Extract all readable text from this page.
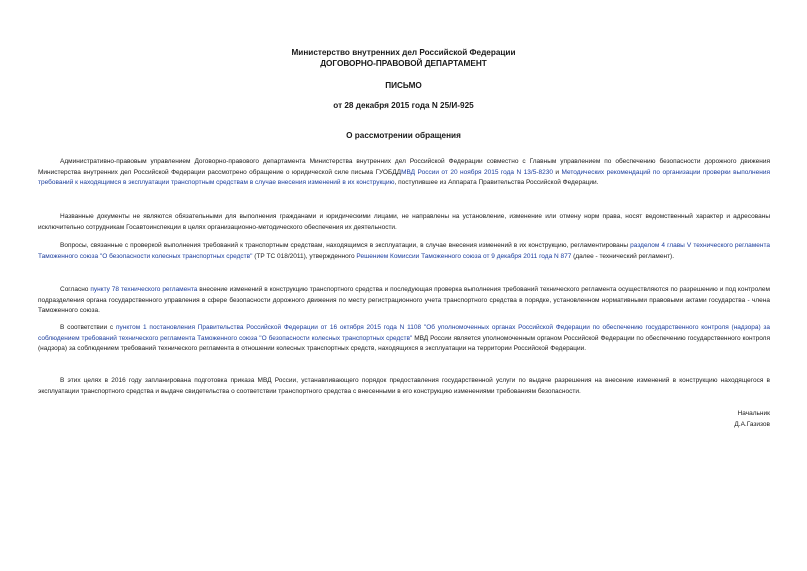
Министерство внутренних дел Российской Федерации
ДОГОВОРНО-ПРАВОВОЙ ДЕПАРТАМЕНТ
ПИСЬМО
от 28 декабря 2015 года N 25/И-925
О рассмотрении обращения

Административно-правовым управлением Договорно-правового департамента Министерства внутренних дел Российской Федерации совместно с Главным управлением по обеспечению безопасности дорожного движения Министерства внутренних дел Российской Федерации рассмотрено обращение о юридической силе письма ГУОБДДМВД России от 20 ноября 2015 года N 13/5-8230 и Методических рекомендаций по организации проверки выполнения требований к находящимся в эксплуатации транспортным средствам в случае внесения изменений в их конструкцию, поступившее из Аппарата Правительства Российской Федерации.

Названные документы не являются обязательными для выполнения гражданами и юридическими лицами, не направлены на установление, изменение или отмену норм права, носят ведомственный характер и адресованы исключительно сотрудникам Госавтоинспекции в целях организационно-методического обеспечения их деятельности.

Вопросы, связанные с проверкой выполнения требований к транспортным средствам, находящимся в эксплуатации, в случае внесения изменений в их конструкцию, регламентированы разделом 4 главы V технического регламента Таможенного союза "О безопасности колесных транспортных средств" (ТР ТС 018/2011), утвержденного Решением Комиссии Таможенного союза от 9 декабря 2011 года N 877 (далее - технический регламент).

Согласно пункту 78 технического регламента внесение изменений в конструкцию транспортного средства и последующая проверка выполнения требований технического регламента осуществляются по разрешению и под контролем подразделения органа государственного управления в сфере безопасности дорожного движения по месту регистрационного учета транспортного средства в порядке, установленном нормативными правовыми актами государства - члена Таможенного союза.

В соответствии с пунктом 1 постановления Правительства Российской Федерации от 16 октября 2015 года N 1108 "Об уполномоченных органах Российской Федерации по обеспечению государственного контроля (надзора) за соблюдением требований технического регламента Таможенного союза "О безопасности колесных транспортных средств" МВД России является уполномоченным органом Российской Федерации по обеспечению государственного контроля (надзора) за соблюдением требований технического регламента в отношении колесных транспортных средств, находящихся в эксплуатации на территории Российской Федерации.

В этих целях в 2016 году запланирована подготовка приказа МВД России, устанавливающего порядок предоставления государственной услуги по выдаче разрешения на внесение изменений в конструкцию находящегося в эксплуатации транспортного средства и выдаче свидетельства о соответствии транспортного средства с внесенными в его конструкцию изменениями требованиям безопасности.

Начальник
Д.А.Газизов
